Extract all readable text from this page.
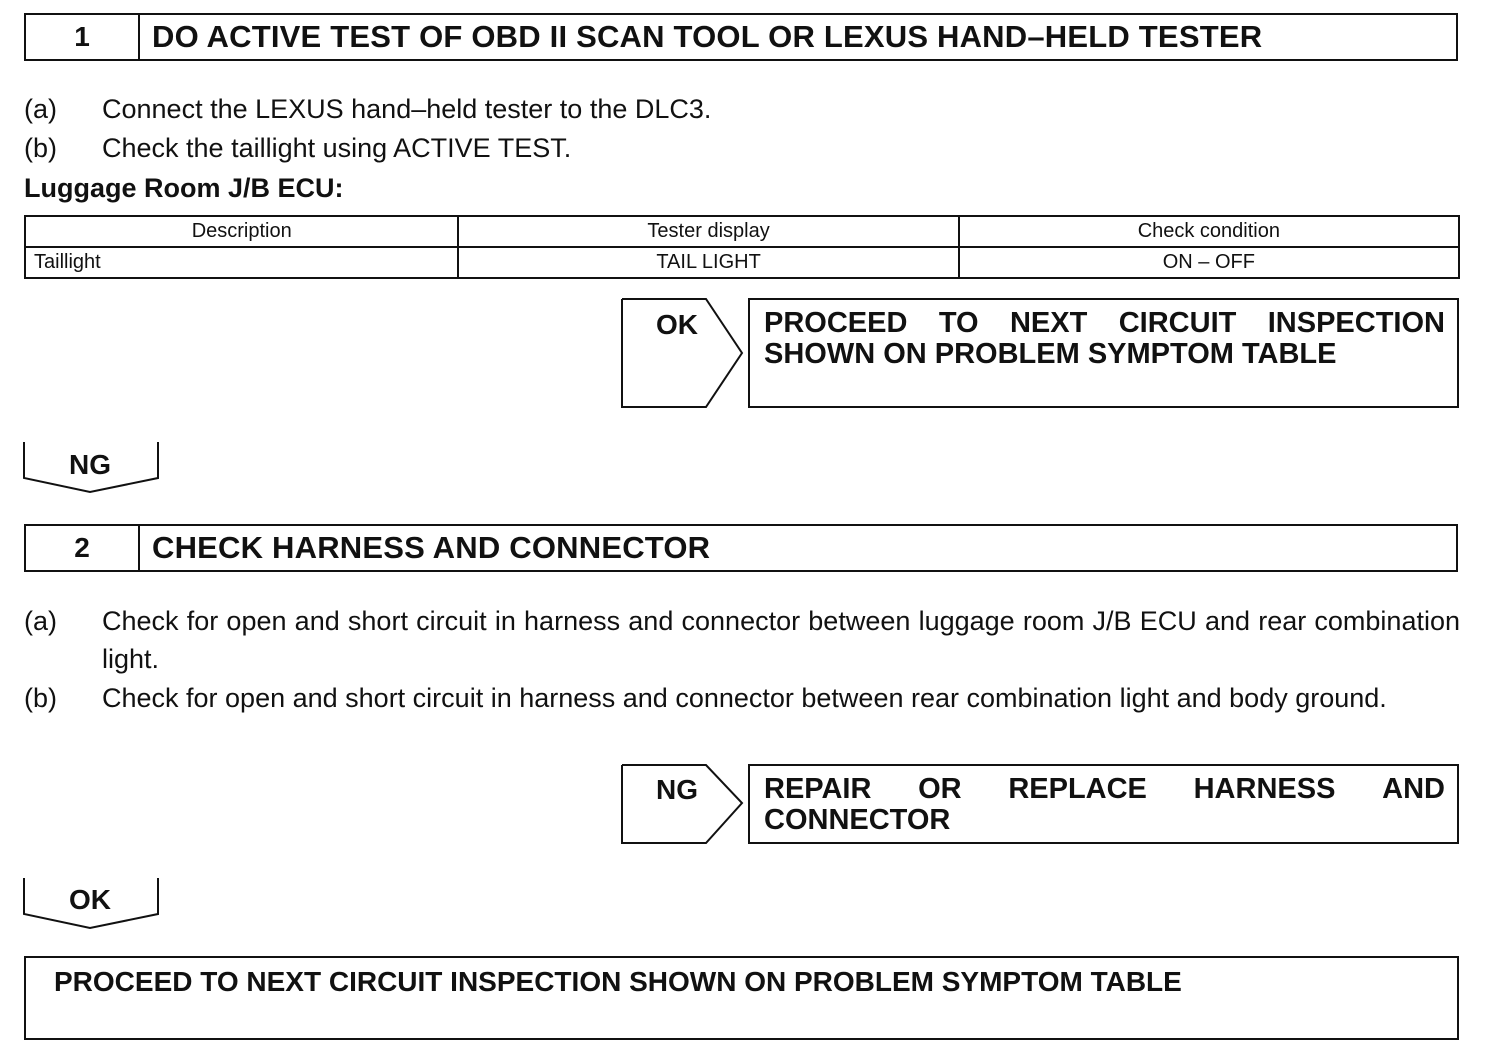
1	DO ACTIVE TEST OF OBD II SCAN TOOL OR LEXUS HAND–HELD TESTER
(a)	Connect the LEXUS hand–held tester to the DLC3.
(b)	Check the taillight using ACTIVE TEST.
Luggage Room J/B ECU:
Description	Tester display	Check condition
Taillight	TAIL LIGHT	ON – OFF
OK	PROCEED TO NEXT CIRCUIT INSPECTION
SHOWN ON PROBLEM SYMPTOM TABLE
NG
2	CHECK HARNESS AND CONNECTOR
(a)	Check for open and short circuit in harness and connector between luggage room J/B ECU and rear combination light.
(b)	Check for open and short circuit in harness and connector between rear combination light and body ground.
NG	REPAIR OR REPLACE HARNESS AND
CONNECTOR
OK
PROCEED TO NEXT CIRCUIT INSPECTION SHOWN ON PROBLEM SYMPTOM TABLE
